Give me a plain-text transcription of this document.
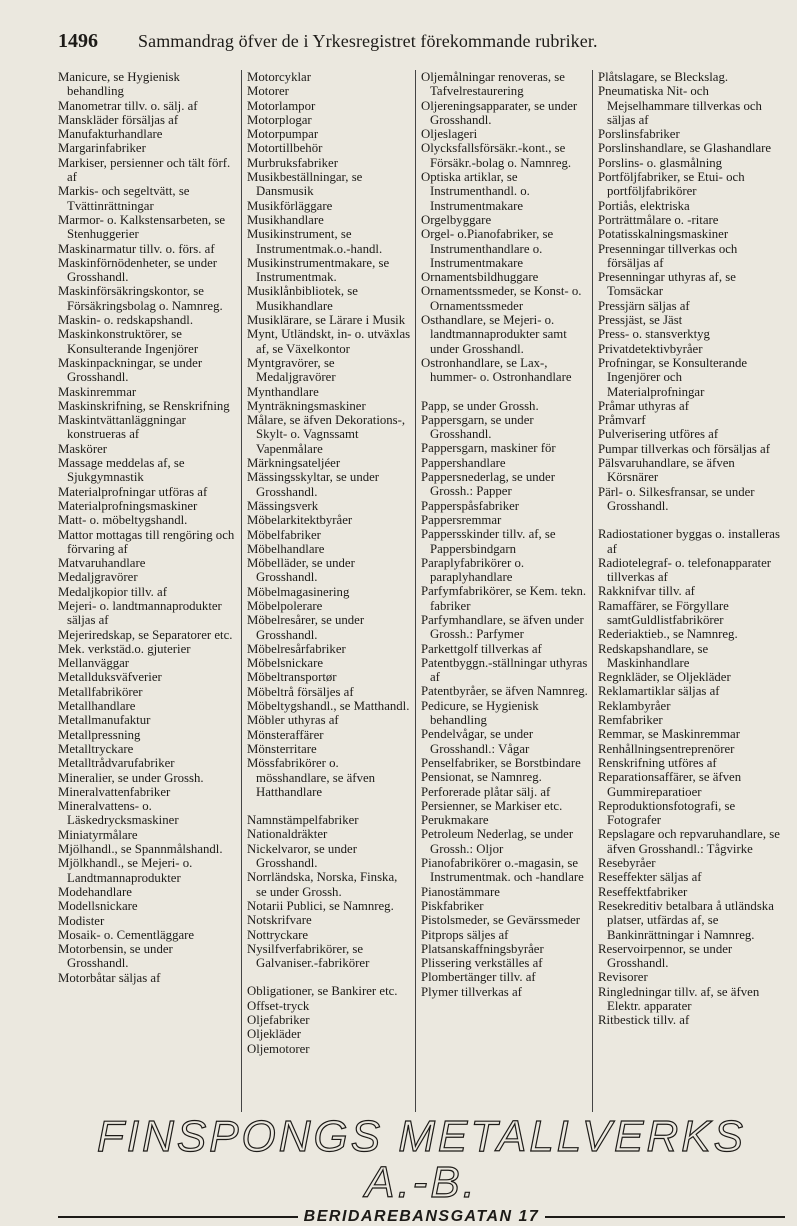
1496 Sammandrag öfver de i Yrkesregistret förekommande rubriker.
Manicure, se Hygienisk behandling
Manometrar tillv. o. sälj. af
Manskläder försäljas af
Manufakturhandlare
Margarinfabriker
Markiser, persienner och tält förf. af
Markis- och segeltvätt, se Tvättinrättningar
Marmor- o. Kalkstensarbeten, se Stenhuggerier
Maskinarmatur tillv. o. förs. af
Maskinförnödenheter, se under Grosshandl.
Maskinförsäkringskontor, se Försäkringsbolag o. Namnreg.
Maskin- o. redskapshandl.
Maskinkonstruktörer, se Konsulterande Ingenjörer
Maskinpackningar, se under Grosshandl.
Maskinremmar
Maskinskrifning, se Renskrifning
Maskintvättanläggningar konstrueras af
Maskörer
Massage meddelas af, se Sjukgymnastik
Materialprofningar utföras af
Materialprofningsmaskiner
Matt- o. möbeltygshandl.
Mattor mottagas till rengöring och förvaring af
Matvaruhandlare
Medaljgravörer
Medaljkopior tillv. af
Mejeri- o. landtmannaprodukter säljas af
Mejeriredskap, se Separatorer etc.
Mek. verkstäd.o. gjuterier
Mellanväggar
Metallduksväfverier
Metallfabrikörer
Metallhandlare
Metallmanufaktur
Metallpressning
Metalltryckare
Metalltrådvarufabriker
Mineralier, se under Grossh.
Mineralvattenfabriker
Mineralvattens- o. Läskedrycksmaskiner
Miniatyrmålare
Mjölhandl., se Spannmålshandl.
Mjölkhandl., se Mejeri- o. Landtmannaprodukter
Modehandlare
Modellsnickare
Modister
Mosaik- o. Cementläggare
Motorbensin, se under Grosshandl.
Motorbåtar säljas af
Motorcyklar
Motorer
Motorlampor
Motorplogar
Motorpumpar
Motortillbehör
Murbruksfabriker
Musikbeställningar, se Dansmusik
Musikförläggare
Musikhandlare
Musikinstrument, se Instrumentmak.o.-handl.
Musikinstrumentmakare, se Instrumentmak.
Musiklånbibliotek, se Musikhandlare
Musiklärare, se Lärare i Musik
Mynt, Utländskt, in- o. utväxlas af, se Växelkontor
Myntgravörer, se Medaljgravörer
Mynthandlare
Mynträkningsmaskiner
Målare, se äfven Dekorations-, Skylt- o. Vagnssamt Vapenmålare
Märkningsateljéer
Mässingsskyltar, se under Grosshandl.
Mässingsverk
Möbelarkitektbyråer
Möbelfabriker
Möbelhandlare
Möbelläder, se under Grosshandl.
Möbelmagasinering
Möbelpolerare
Möbelresårer, se under Grosshandl.
Möbelresårfabriker
Möbelsnickare
Möbeltransportør
Möbeltrå försäljes af
Möbeltygshandl., se Matthandl.
Möbler uthyras af
Mönsteraffärer
Mönsterritare
Mössfabrikörer o. mösshandlare, se äfven Hatthandlare
Namnstämpelfabriker
Nationaldräkter
Nickelvaror, se under Grosshandl.
Norrländska, Norska, Finska, se under Grossh.
Notarii Publici, se Namnreg.
Notskrifvare
Nottryckare
Nysilfverfabrikörer, se Galvaniser.-fabrikörer
Obligationer, se Bankirer etc.
Offset-tryck
Oljefabriker
Oljekläder
Oljemotorer
Oljemålningar renoveras, se Tafvelrestaurering
Oljereningsapparater, se under Grosshandl.
Oljeslageri
Olycksfallsförsäkr.-kont., se Försäkr.-bolag o. Namnreg.
Optiska artiklar, se Instrumenthandl. o. Instrumentmakare
Orgelbyggare
Orgel- o.Pianofabriker, se Instrumenthandlare o. Instrumentmakare
Ornamentsbildhuggare
Ornamentssmeder, se Konst- o. Ornamentssmeder
Osthandlare, se Mejeri- o. landtmannaprodukter samt under Grosshandl.
Ostronhandlare, se Lax-, hummer- o. Ostronhandlare
Papp, se under Grossh.
Pappersgarn, se under Grosshandl.
Pappersgarn, maskiner för
Pappershandlare
Pappersnederlag, se under Grossh.: Papper
Papperspåsfabriker
Pappersremmar
Pappersskinder tillv. af, se Pappersbindgarn
Paraplyfabrikörer o. paraplyhandlare
Parfymfabrikörer, se Kem. tekn. fabriker
Parfymhandlare, se äfven under Grossh.: Parfymer
Parkettgolf tillverkas af
Patentbyggn.-ställningar uthyras af
Patentbyråer, se äfven Namnreg.
Pedicure, se Hygienisk behandling
Pendelvågar, se under Grosshandl.: Vågar
Penselfabriker, se Borstbindare
Pensionat, se Namnreg.
Perforerade plåtar sälj. af
Persienner, se Markiser etc.
Perukmakare
Petroleum Nederlag, se under Grossh.: Oljor
Pianofabrikörer o.-magasin, se Instrumentmak. och -handlare
Pianostämmare
Piskfabriker
Pistolsmeder, se Gevärssmeder
Pitprops säljes af
Platsanskaffningsbyråer
Plissering verkställes af
Plombertänger tillv. af
Plymer tillverkas af
Plåtslagare, se Bleckslag.
Pneumatiska Nit- och Mejselhammare tillverkas och säljas af
Porslinsfabriker
Porslinshandlare, se Glashandlare
Porslins- o. glasmålning
Portföljfabriker, se Etui- och portföljfabrikörer
Portiås, elektriska
Porträttmålare o. -ritare
Potatisskalningsmaskiner
Presenningar tillverkas och försäljas af
Presenningar uthyras af, se Tomsäckar
Pressjärn säljas af
Pressjäst, se Jäst
Press- o. stansverktyg
Privatdetektivbyråer
Profningar, se Konsulterande Ingenjörer och Materialprofningar
Pråmar uthyras af
Pråmvarf
Pulverisering utföres af
Pumpar tillverkas och försäljas af
Pälsvaruhandlare, se äfven Körsnärer
Pärl- o. Silkesfransar, se under Grosshandl.
Radiostationer byggas o. installeras af
Radiotelegraf- o. telefonapparater tillverkas af
Rakknifvar tillv. af
Ramaffärer, se Förgyllare samtGuldlistfabrikörer
Rederiaktieb., se Namnreg.
Redskapshandlare, se Maskinhandlare
Regnkläder, se Oljekläder
Reklamartiklar säljas af
Reklambyråer
Remfabriker
Remmar, se Maskinremmar
Renhållningsentreprenörer
Renskrifning utföres af
Reparationsaffärer, se äfven Gummireparatioer
Reproduktionsfotografi, se Fotografer
Repslagare och repvaruhandlare, se äfven Grosshandl.: Tågvirke
Resebyråer
Reseffekter säljas af
Reseffektfabriker
Resekreditiv betalbara å utländska platser, utfärdas af, se Bankinrättningar i Namnreg.
Reservoirpennor, se under Grosshandl.
Revisorer
Ringledningar tillv. af, se äfven Elektr. apparater
Ritbestick tillv. af
FINSPONGS METALLVERKS A.-B.
BERIDAREBANSGATAN 17
